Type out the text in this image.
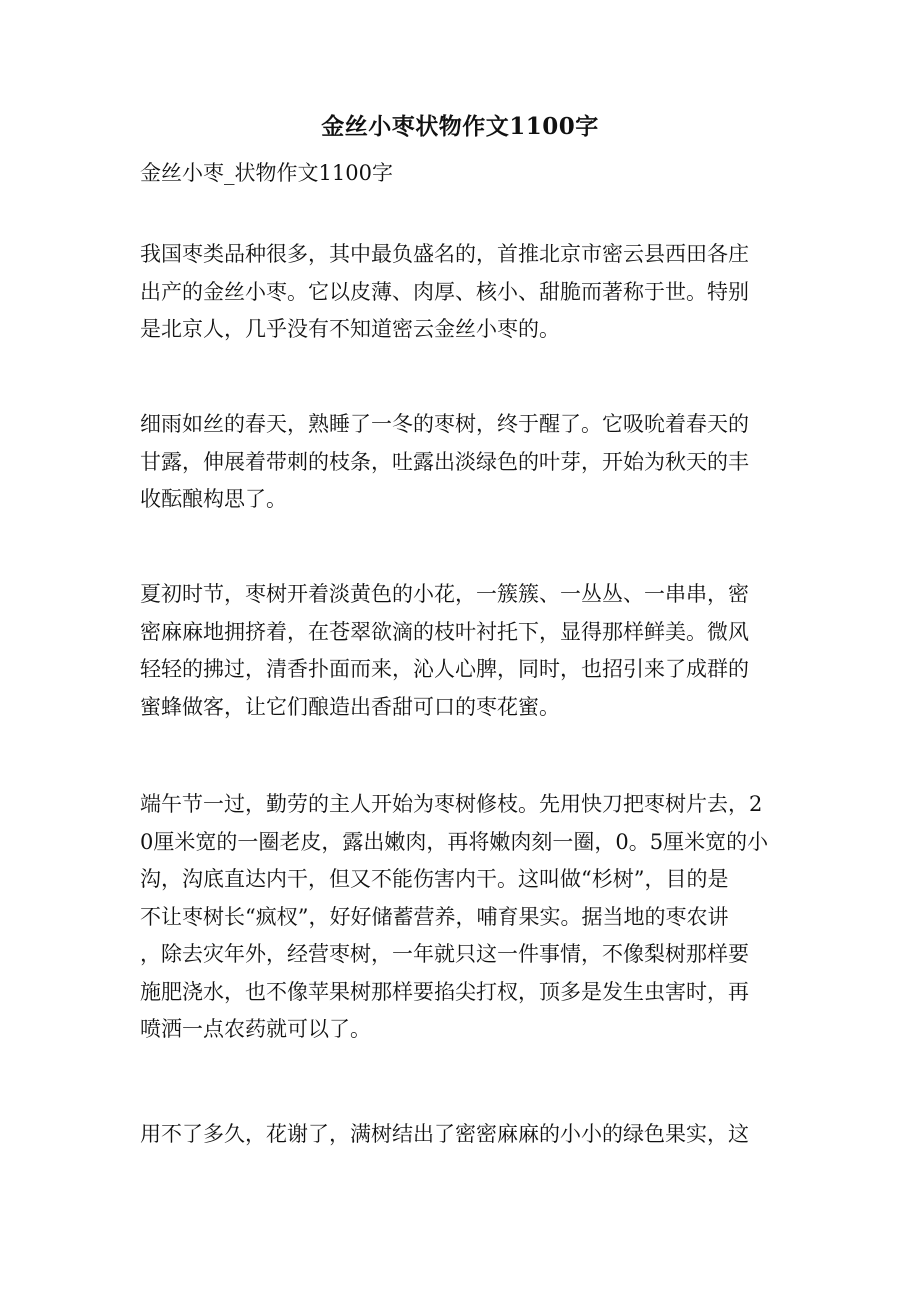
金丝小枣状物作文1100字
金丝小枣_状物作文1100字

我国枣类品种很多，其中最负盛名的，首推北京市密云县西田各庄
出产的金丝小枣。它以皮薄、肉厚、核小、甜脆而著称于世。特别
是北京人，几乎没有不知道密云金丝小枣的。

细雨如丝的春天，熟睡了一冬的枣树，终于醒了。它吸吮着春天的
甘露，伸展着带刺的枝条，吐露出淡绿色的叶芽，开始为秋天的丰
收酝酿构思了。

夏初时节，枣树开着淡黄色的小花，一簇簇、一丛丛、一串串，密
密麻麻地拥挤着，在苍翠欲滴的枝叶衬托下，显得那样鲜美。微风
轻轻的拂过，清香扑面而来，沁人心脾，同时，也招引来了成群的
蜜蜂做客，让它们酿造出香甜可口的枣花蜜。

端午节一过，勤劳的主人开始为枣树修枝。先用快刀把枣树片去，2
0厘米宽的一圈老皮，露出嫩肉，再将嫩肉刻一圈，0。5厘米宽的小
沟，沟底直达内干，但又不能伤害内干。这叫做“杉树”，目的是
不让枣树长“疯杈”，好好储蓄营养，哺育果实。据当地的枣农讲
，除去灾年外，经营枣树，一年就只这一件事情，不像梨树那样要
施肥浇水，也不像苹果树那样要掐尖打杈，顶多是发生虫害时，再
喷洒一点农药就可以了。

用不了多久，花谢了，满树结出了密密麻麻的小小的绿色果实，这
